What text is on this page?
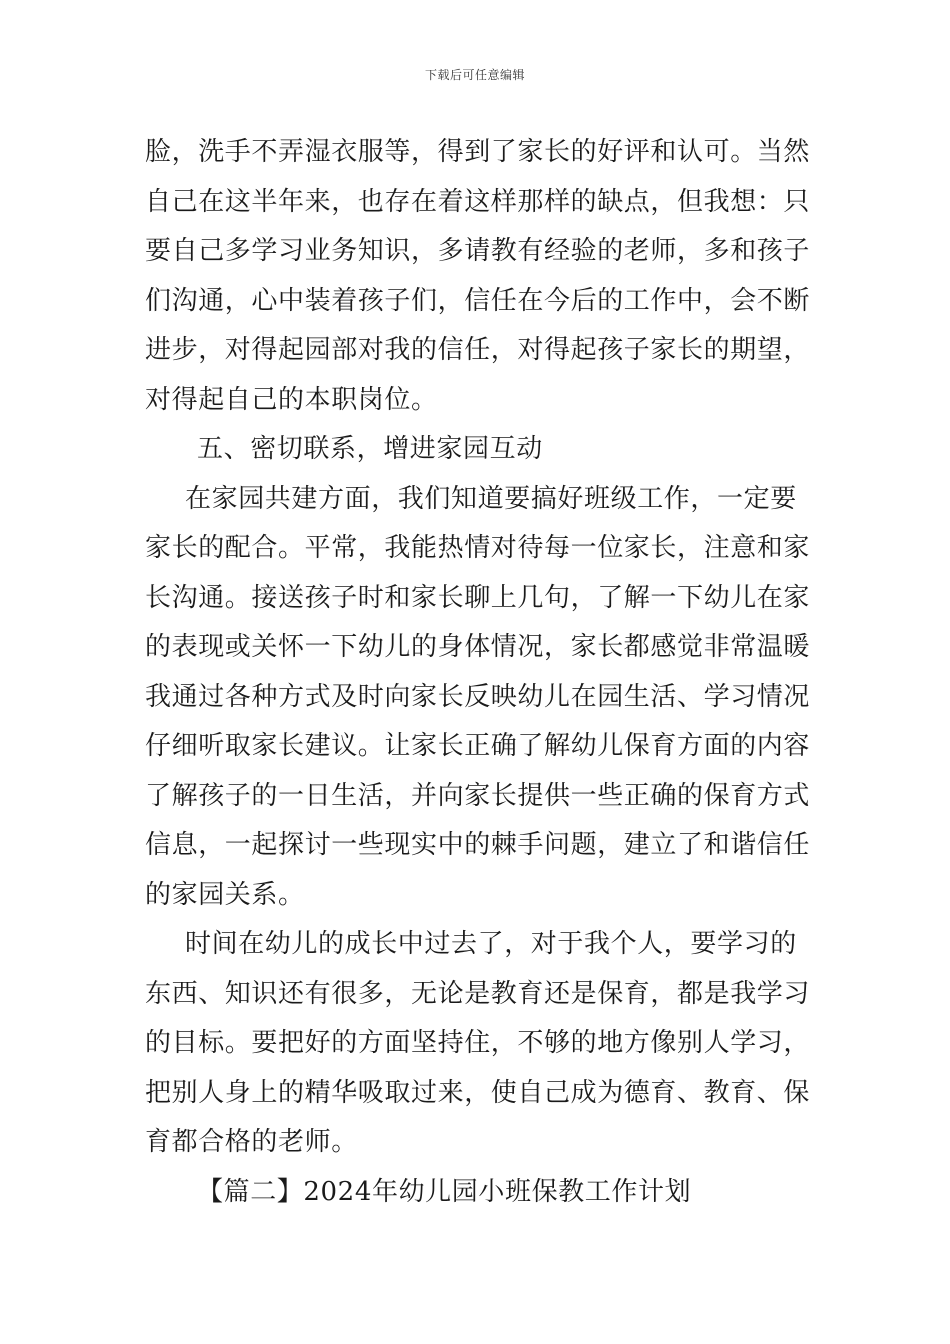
下载后可任意编辑
脸，洗手不弄湿衣服等，得到了家长的好评和认可。当然
自己在这半年来，也存在着这样那样的缺点，但我想：只
要自己多学习业务知识，多请教有经验的老师，多和孩子
们沟通，心中装着孩子们，信任在今后的工作中，会不断
进步，对得起园部对我的信任，对得起孩子家长的期望，
对得起自己的本职岗位。
五、密切联系，增进家园互动
在家园共建方面，我们知道要搞好班级工作，一定要
家长的配合。平常，我能热情对待每一位家长，注意和家
长沟通。接送孩子时和家长聊上几句，了解一下幼儿在家
的表现或关怀一下幼儿的身体情况，家长都感觉非常温暖
我通过各种方式及时向家长反映幼儿在园生活、学习情况
仔细听取家长建议。让家长正确了解幼儿保育方面的内容
了解孩子的一日生活，并向家长提供一些正确的保育方式
信息，一起探讨一些现实中的棘手问题，建立了和谐信任
的家园关系。
时间在幼儿的成长中过去了，对于我个人，要学习的
东西、知识还有很多，无论是教育还是保育，都是我学习
的目标。要把好的方面坚持住，不够的地方像别人学习，
把别人身上的精华吸取过来，使自己成为德育、教育、保
育都合格的老师。
【篇二】2024年幼儿园小班保教工作计划
